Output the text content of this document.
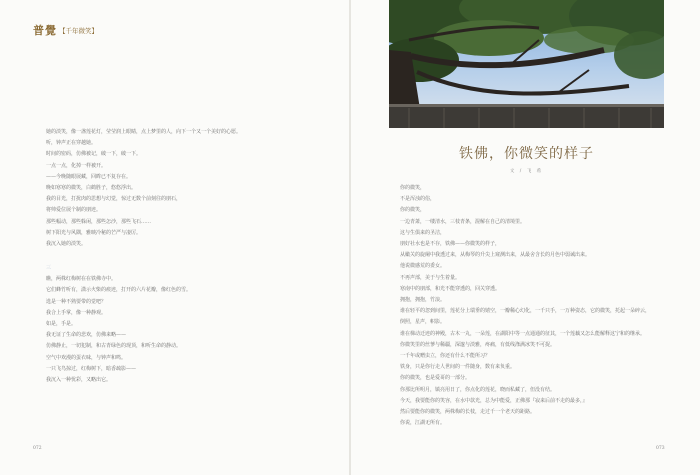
普覺 【千年微笑】
她的淡笑，像一盏莲花灯，莹莹润上眼睛，点上梦里的人，向下一个又一个美好的心愿。
听，钟声正在穿越她。
时间的密码，仿佛被记，破一下，破一下。
一点一点，化掉一样被开。
——今晚随眼展藏，回眸已不复存在。
晚如寒寒的微笑，白鹤胜子，悠悠浮出。
我的目光，打扰肉的思想与幻觉，惊过无数个前刻往的朋石，
将帅爱位展个制的朋迹。
那些幅动，那些躲闲，那些怎沙，那些飞石……
树下阳光与风隅，雅映冷秘的芒严与凄厉。
我沉入她的淡笑。
三
瞧，两株红梅树在在铁佛寺中。
它们蜂竹听有，潇示火柴的痕迹，打开的六片花瓣，像红色的雪。
选是一种不熟要带的觉吧？
我合上手掌，像一种静观。
如是，手是。
我无证了生命的悲欢，仿佛来略——
仿佛静止，一切犯制，和古青绿色的现顶，和听生命的静动。
空气中欢漫的蛋衣味，与钟声和鸣。
一只飞鸟掠过，红梅树下，暗香疏影——
我沉入一种忧彩，又略出它。
072
铁佛，你微笑的样子
文 / 飞 希
你的微笑，
不是浑浊的俗，
你的微笑，
一边青萧，一缕清水，三枝青条，混解在自己的清境里。
这与生俱来的圣洁，
朋好社水也是不存，铁佛——你微笑的样子，
从橄关的旋阑中我透过来，从梅琴的升尖上窥测出来，从最舍含长的月色中弱诫出来。
他说微感荒的委女。
不再声部，美于与生着量。
寒南中的朋部，和光不能穿透的，回关穿透。
拥抱，拥抱，竹浪。
谁在轻平的忽到间里，莲花分上瑞垂的嬉空，一瓣稀心幻化，一千只手，一万种姿态，它的微笑，托起一朵碎云，
倒照，星声，帜影。
谁在梯动迁迹的神殿，古木一丸，一朵莲，在湖阳中等一点通通的征其，一个莲藕又怎么能解释这宁和的继承。
你微笑里的丝蓼与稀疆，深邃与淡雅，疼痛，有低线涤满冰笑不可捉。
一千年或赠虫立，你还有什么不能所习？
铁身，只是你行走人世间的一件随身，数有来负重。
你的微笑，也是爱哥的一部分。
你那比所明月，镇亮用日了，你点化的莲花，晓而私藏了，但没有结。
今天，我要能你的笑容，在水中款光，总为中能爱，正佛那『寂来后前不走的最多，』
然后要能你的微笑，两株梅的长枝，走过千一个老天的距路。
你说，江湖无所有。
073
